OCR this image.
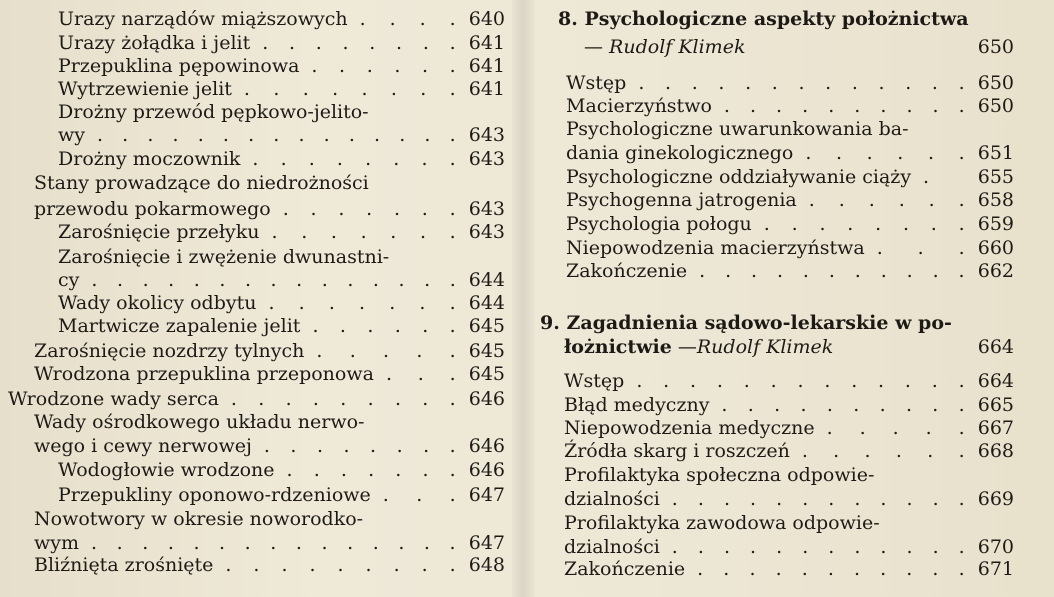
Urazy narządów miąższowych	640
. . . .
Urazy żołądka i jelit	641
. . . . . . . .
Przepuklina pępowinowa	641
. . . . . .
Wytrzewienie jelit	641
. . . . . . . .
Drożny przewód pępkowo-jelito-
wy	643
. . . . . . . . . . . . . . .
Drożny moczownik	643
. . . . . . . .
Stany prowadzące do niedrożności
przewodu pokarmowego	643
. . . . . . .
Zarośnięcie przełyku	643
. . . . . . .
Zarośnięcie i zwężenie dwunastni-
cy	644
. . . . . . . . . . . . . . .
Wady okolicy odbytu	644
. . . . . . .
Martwicze zapalenie jelit	645
. . . . . .
Zarośnięcie nozdrzy tylnych	645
. . . . .
Wrodzona przepuklina przeponowa	645
. . .
Wrodzone wady serca	646
. . . . . . . . .
Wady ośrodkowego układu nerwo-
wego i cewy nerwowej	646
. . . . . . . .
Wodogłowie wrodzone	646
. . . . . . .
Przepukliny oponowo-rdzeniowe	647
. . .
Nowotwory w okresie noworodko-
wym	647
. . . . . . . . . . . . . . .
Bliźnięta zrośnięte	648
. . . . . . . . .
8. Psychologiczne aspekty położnictwa
— Rudolf Klimek	650
Wstęp	650
. . . . . . . . . . . . .
Macierzyństwo	650
. . . . . . . . . .
Psychologiczne uwarunkowania ba-
dania ginekologicznego	651
. . . . . .
Psychologiczne oddziaływanie ciąży	655
.
Psychogenna jatrogenia	658
. . . . . .
Psychologia połogu	659
. . . . . . . .
Niepowodzenia macierzyństwa	660
. . .
Zakończenie	662
. . . . . . . . . . .
9. Zagadnienia sądowo-lekarskie w po-
łożnictwie —Rudolf Klimek	664
Wstęp	664
. . . . . . . . . . . . .
Błąd medyczny	665
. . . . . . . . . .
Niepowodzenia medyczne	667
. . . . .
Źródła skarg i roszczeń	668
. . . . . .
Profilaktyka społeczna odpowie-
dzialności	669
. . . . . . . . . . . .
Profilaktyka zawodowa odpowie-
dzialności	670
. . . . . . . . . . . .
Zakończenie	671
. . . . . . . . . . .
